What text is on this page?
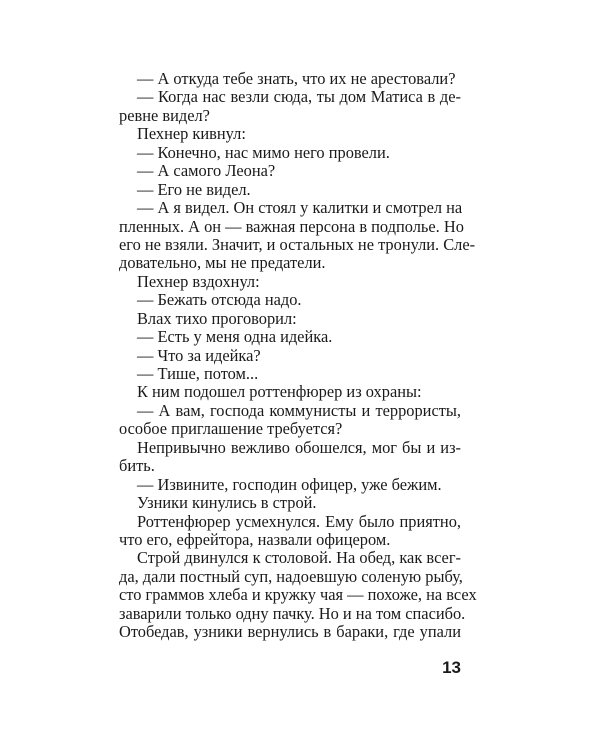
— А откуда тебе знать, что их не арестовали?
— Когда нас везли сюда, ты дом Матиса в де-
ревне видел?
Пехнер кивнул:
— Конечно, нас мимо него провели.
— А самого Леона?
— Его не видел.
— А я видел. Он стоял у калитки и смотрел на
пленных. А он — важная персона в подполье. Но
его не взяли. Значит, и остальных не тронули. Сле-
довательно, мы не предатели.
Пехнер вздохнул:
— Бежать отсюда надо.
Влах тихо проговорил:
— Есть у меня одна идейка.
— Что за идейка?
— Тише, потом...
К ним подошел роттенфюрер из охраны:
— А вам, господа коммунисты и террористы,
особое приглашение требуется?
Непривычно вежливо обошелся, мог бы и из-
бить.
— Извините, господин офицер, уже бежим.
Узники кинулись в строй.
Роттенфюрер усмехнулся. Ему было приятно,
что его, ефрейтора, назвали офицером.
Строй двинулся к столовой. На обед, как всег-
да, дали постный суп, надоевшую соленую рыбу,
сто граммов хлеба и кружку чая — похоже, на всех
заварили только одну пачку. Но и на том спасибо.
Отобедав, узники вернулись в бараки, где упали
13
